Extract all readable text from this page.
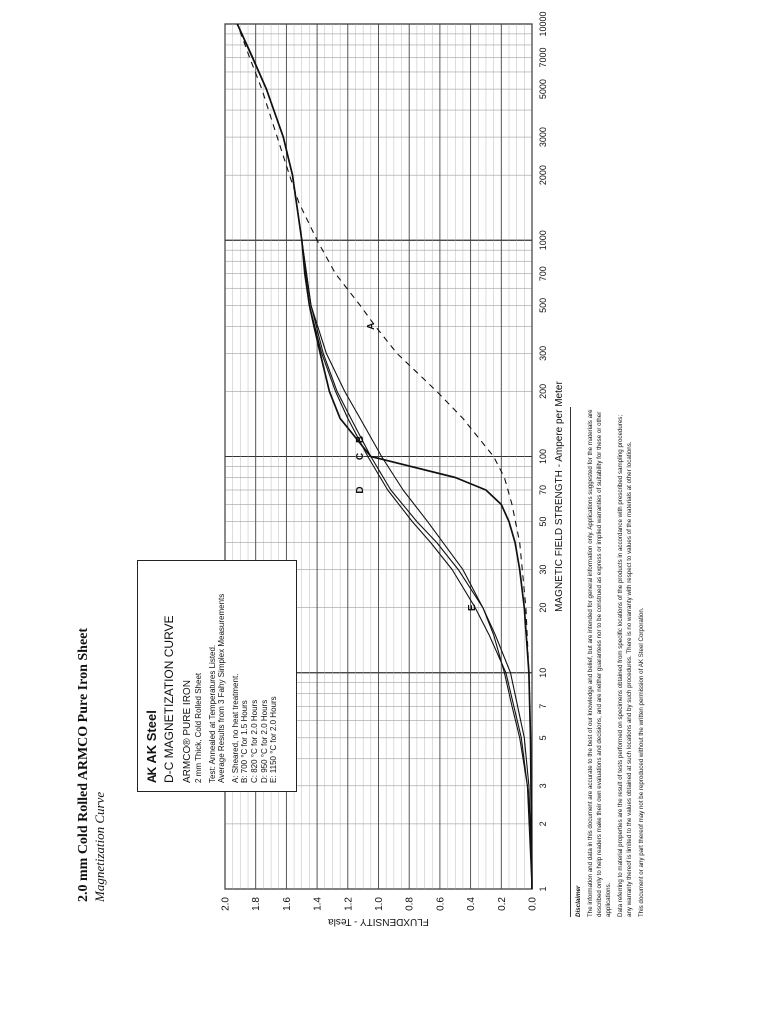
2.0 mm Cold Rolled ARMCO Pure Iron Sheet Magnetization Curve
0.0
0.2
0.4
0.6
0.8
1.0
1.2
1.4
1.6
1.8
2.0
1
2
3
5
7
10
20
30
50
70
100
200
300
500
700
1000
2000
3000
5000
7000
10000
FLUXDENSITY - Tesla
MAGNETIC FIELD STRENGTH - Ampere per Meter
A
B
C
D
E
AK
AK Steel D-C MAGNETIZATION CURVE ARMCO® PURE IRON 2 mm Thick, Cold Rolled Sheet Test: Annealed at Temperatures Listed. Average Results from 3 Fahy Simplex Measurements A: Sheared, no heat treatment. B: 700 °C for 1.5 Hours C: 820 °C for 2.0 Hours D: 950 °C for 2.0 Hours E: 1150 °C for 2.0 Hours
Disclaimer The information and data in this document are accurate to the best of our knowledge and belief, but are intended for general information only. Applications suggested for the materials are described only to help readers make their own evaluations and decisions, and are neither guarantees nor to be construed as express or implied warranties of suitability for these or other applications. Data referring to material properties are the result of tests performed on specimens obtained from specific locations of the products in accordance with prescribed sampling procedures; any warranty thereof is limited to the values obtained at such locations and by such procedures. There is no warranty with respect to values of the materials at other locations. This document or any part thereof may not be reproduced without the written permission of AK Steel Corporation.
